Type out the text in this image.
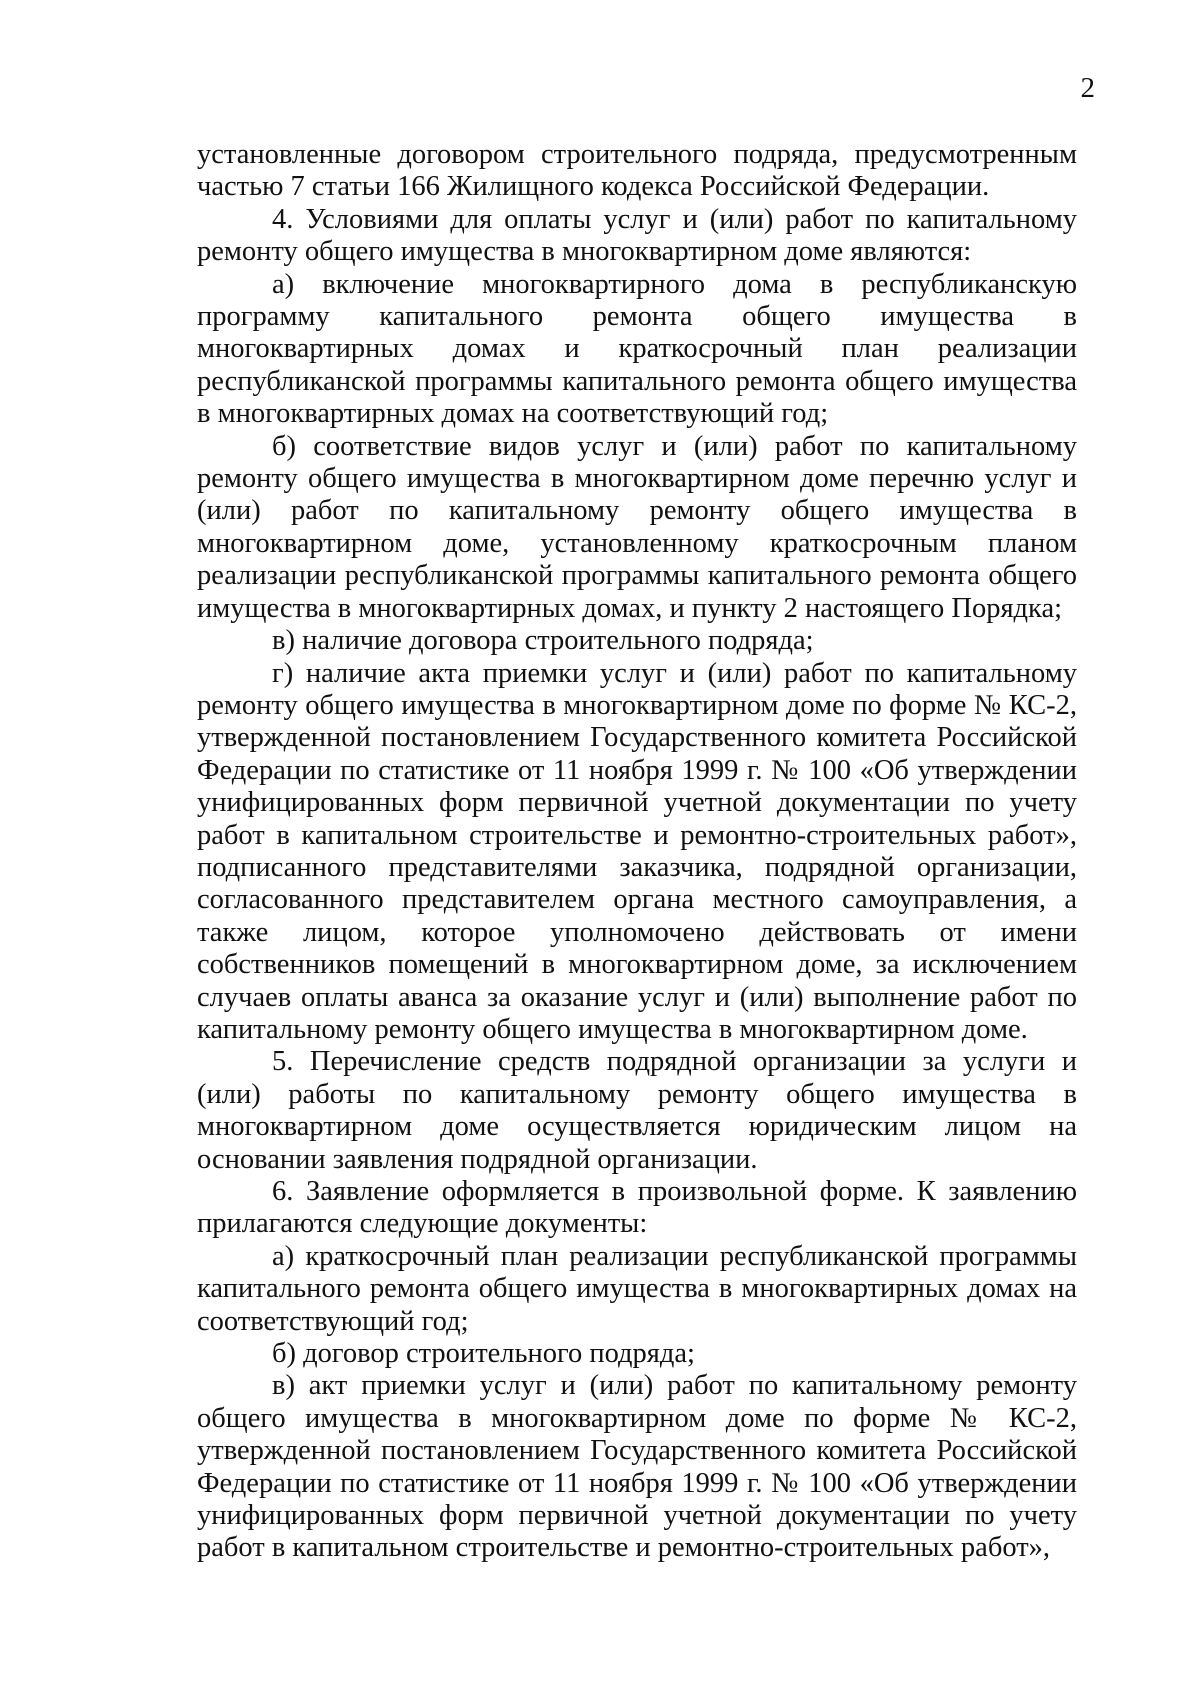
2

установленные договором строительного подряда, предусмотренным частью 7 статьи 166 Жилищного кодекса Российской Федерации.

4. Условиями для оплаты услуг и (или) работ по капитальному ремонту общего имущества в многоквартирном доме являются:

а) включение многоквартирного дома в республиканскую программу капитального ремонта общего имущества в многоквартирных домах и краткосрочный план реализации республиканской программы капитального ремонта общего имущества в многоквартирных домах на соответствующий год;

б) соответствие видов услуг и (или) работ по капитальному ремонту общего имущества в многоквартирном доме перечню услуг и (или) работ по капитальному ремонту общего имущества в многоквартирном доме, установленному краткосрочным планом реализации республиканской программы капитального ремонта общего имущества в многоквартирных домах, и пункту 2 настоящего Порядка;

в) наличие договора строительного подряда;

г) наличие акта приемки услуг и (или) работ по капитальному ремонту общего имущества в многоквартирном доме по форме № КС-2, утвержденной постановлением Государственного комитета Российской Федерации по статистике от 11 ноября 1999 г. № 100 «Об утверждении унифицированных форм первичной учетной документации по учету работ в капитальном строительстве и ремонтно-строительных работ», подписанного представителями заказчика, подрядной организации, согласованного представителем органа местного самоуправления, а также лицом, которое уполномочено действовать от имени собственников помещений в многоквартирном доме, за исключением случаев оплаты аванса за оказание услуг и (или) выполнение работ по капитальному ремонту общего имущества в многоквартирном доме.

5. Перечисление средств подрядной организации за услуги и (или) работы по капитальному ремонту общего имущества в многоквартирном доме осуществляется юридическим лицом на основании заявления подрядной организации.

6. Заявление оформляется в произвольной форме. К заявлению прилагаются следующие документы:

а) краткосрочный план реализации республиканской программы капитального ремонта общего имущества в многоквартирных домах на соответствующий год;

б) договор строительного подряда;

в) акт приемки услуг и (или) работ по капитальному ремонту общего имущества в многоквартирном доме по форме № КС-2, утвержденной постановлением Государственного комитета Российской Федерации по статистике от 11 ноября 1999 г. № 100 «Об утверждении унифицированных форм первичной учетной документации по учету работ в капитальном строительстве и ремонтно-строительных работ»,
